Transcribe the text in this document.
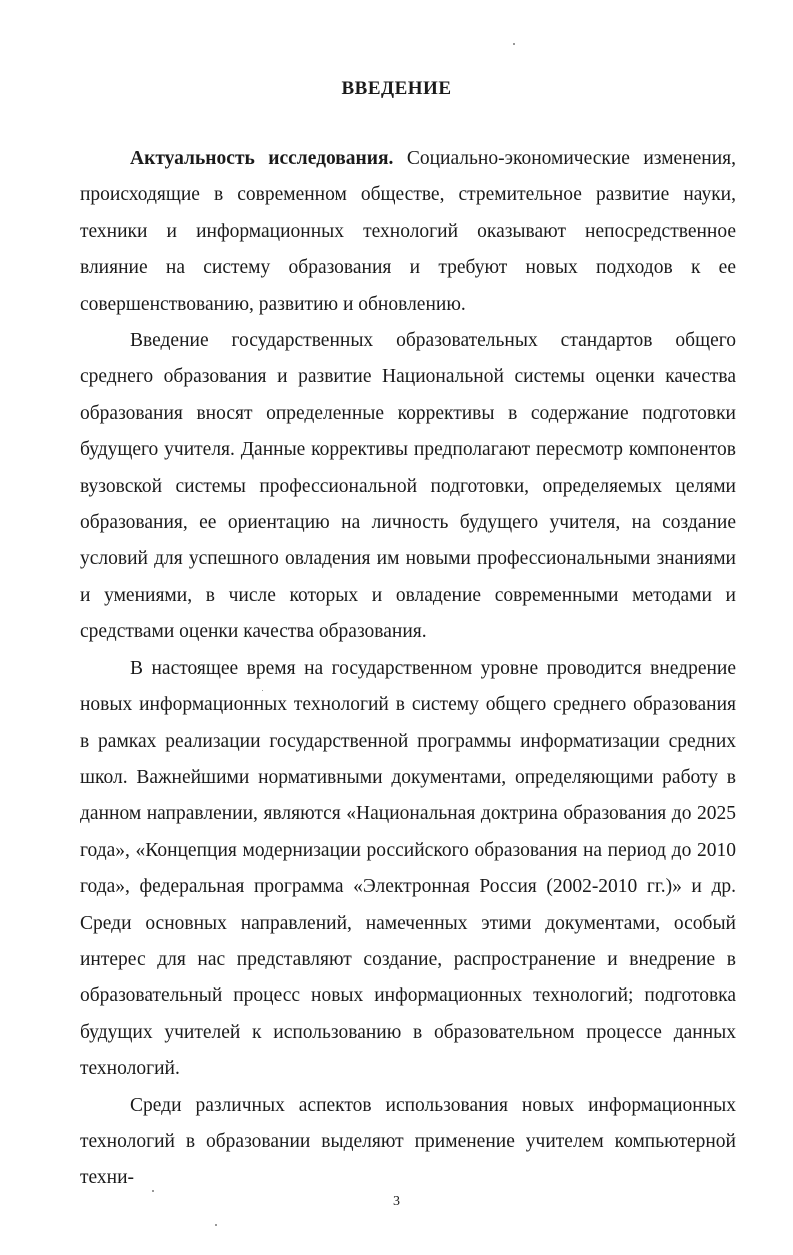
ВВЕДЕНИЕ

Актуальность исследования. Социально-экономические изменения, происходящие в современном обществе, стремительное развитие науки, техники и информационных технологий оказывают непосредственное влияние на систему образования и требуют новых подходов к ее совершенствованию, развитию и обновлению.

Введение государственных образовательных стандартов общего среднего образования и развитие Национальной системы оценки качества образования вносят определенные коррективы в содержание подготовки будущего учителя. Данные коррективы предполагают пересмотр компонентов вузовской системы профессиональной подготовки, определяемых целями образования, ее ориентацию на личность будущего учителя, на создание условий для успешного овладения им новыми профессиональными знаниями и умениями, в числе которых и овладение современными методами и средствами оценки качества образования.

В настоящее время на государственном уровне проводится внедрение новых информационных технологий в систему общего среднего образования в рамках реализации государственной программы информатизации средних школ. Важнейшими нормативными документами, определяющими работу в данном направлении, являются «Национальная доктрина образования до 2025 года», «Концепция модернизации российского образования на период до 2010 года», федеральная программа «Электронная Россия (2002-2010 гг.)» и др. Среди основных направлений, намеченных этими документами, особый интерес для нас представляют создание, распространение и внедрение в образовательный процесс новых информационных технологий; подготовка будущих учителей к использованию в образовательном процессе данных технологий.

Среди различных аспектов использования новых информационных технологий в образовании выделяют применение учителем компьютерной техни-

3
